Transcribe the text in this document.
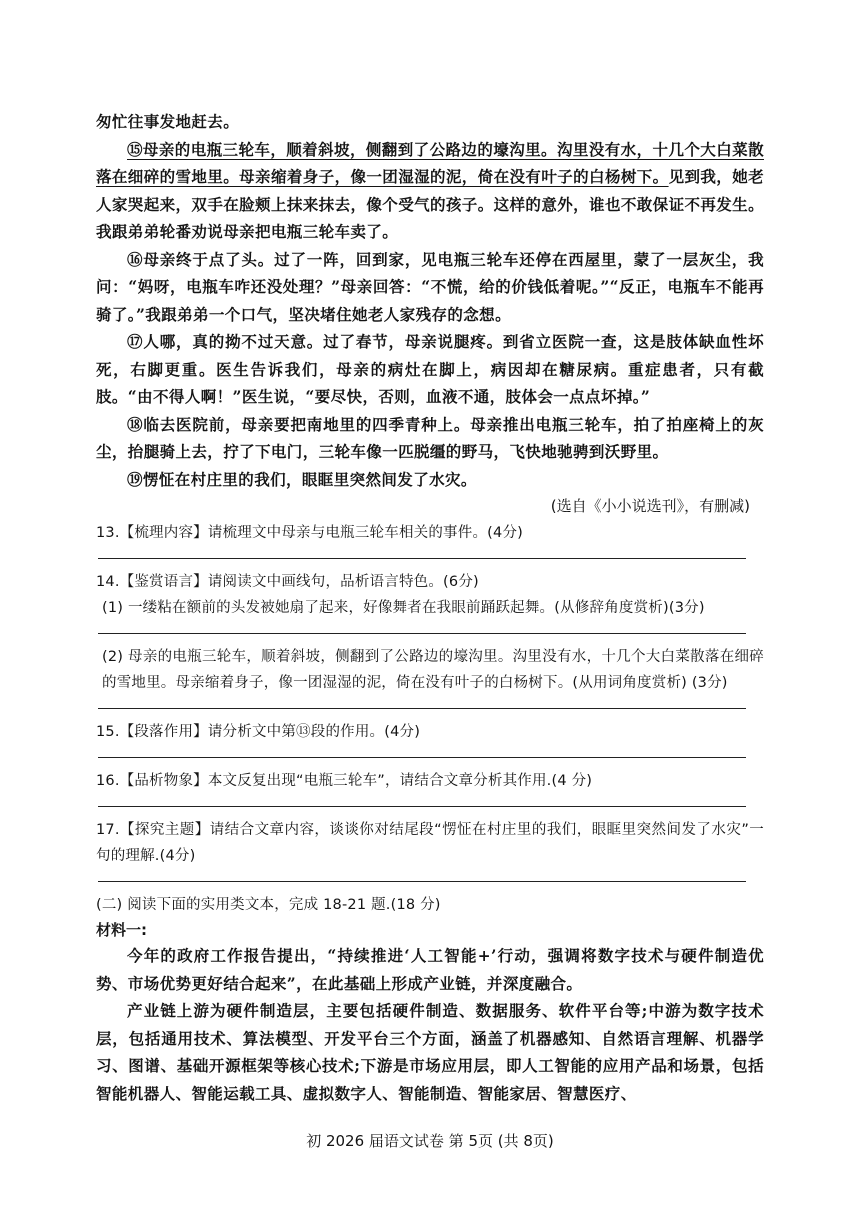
匆忙往事发地赶去。

⑮母亲的电瓶三轮车，顺着斜坡，侧翻到了公路边的壕沟里。沟里没有水，十几个大白菜散落在细碎的雪地里。母亲缩着身子，像一团湿湿的泥，倚在没有叶子的白杨树下。见到我，她老人家哭起来，双手在脸颊上抹来抹去，像个受气的孩子。这样的意外，谁也不敢保证不再发生。我跟弟弟轮番劝说母亲把电瓶三轮车卖了。

⑯母亲终于点了头。过了一阵，回到家，见电瓶三轮车还停在西屋里，蒙了一层灰尘，我问：“妈呀，电瓶车咋还没处理？”母亲回答：“不慌，给的价钱低着呢。”“反正，电瓶车不能再骑了。”我跟弟弟一个口气，坚决堵住她老人家残存的念想。

⑰人哪，真的拗不过天意。过了春节，母亲说腿疼。到省立医院一查，这是肢体缺血性坏死，右脚更重。医生告诉我们，母亲的病灶在脚上，病因却在糖尿病。重症患者，只有截肢。“由不得人啊！”医生说，“要尽快，否则，血液不通，肢体会一点点坏掉。”

⑱临去医院前，母亲要把南地里的四季青种上。母亲推出电瓶三轮车，拍了拍座椅上的灰尘，抬腿骑上去，拧了下电门，三轮车像一匹脱缰的野马，飞快地驰骋到沃野里。

⑲愣怔在村庄里的我们，眼眶里突然间发了水灾。

(选自《小小说选刊》，有删减)

13.【梳理内容】请梳理文中母亲与电瓶三轮车相关的事件。(4分)

14.【鉴赏语言】请阅读文中画线句，品析语言特色。(6分)

(1) 一缕粘在额前的头发被她扇了起来，好像舞者在我眼前踊跃起舞。(从修辞角度赏析)(3分)

(2) 母亲的电瓶三轮车，顺着斜坡，侧翻到了公路边的壕沟里。沟里没有水，十几个大白菜散落在细碎的雪地里。母亲缩着身子，像一团湿湿的泥，倚在没有叶子的白杨树下。(从用词角度赏析) (3分)

15.【段落作用】请分析文中第⑬段的作用。(4分)

16.【品析物象】本文反复出现“电瓶三轮车”，请结合文章分析其作用.(4 分)

17.【探究主题】请结合文章内容，谈谈你对结尾段“愣怔在村庄里的我们，眼眶里突然间发了水灾”一句的理解.(4分)

(二) 阅读下面的实用类文本，完成 18-21 题.(18 分)

材料一:

今年的政府工作报告提出，“持续推进‘人工智能+’行动，强调将数字技术与硬件制造优势、市场优势更好结合起来”，在此基础上形成产业链，并深度融合。

产业链上游为硬件制造层，主要包括硬件制造、数据服务、软件平台等;中游为数字技术层，包括通用技术、算法模型、开发平台三个方面，涵盖了机器感知、自然语言理解、机器学习、图谱、基础开源框架等核心技术;下游是市场应用层，即人工智能的应用产品和场景，包括智能机器人、智能运载工具、虚拟数字人、智能制造、智能家居、智慧医疗、

初 2026 届语文试卷 第 5页 (共 8页)
